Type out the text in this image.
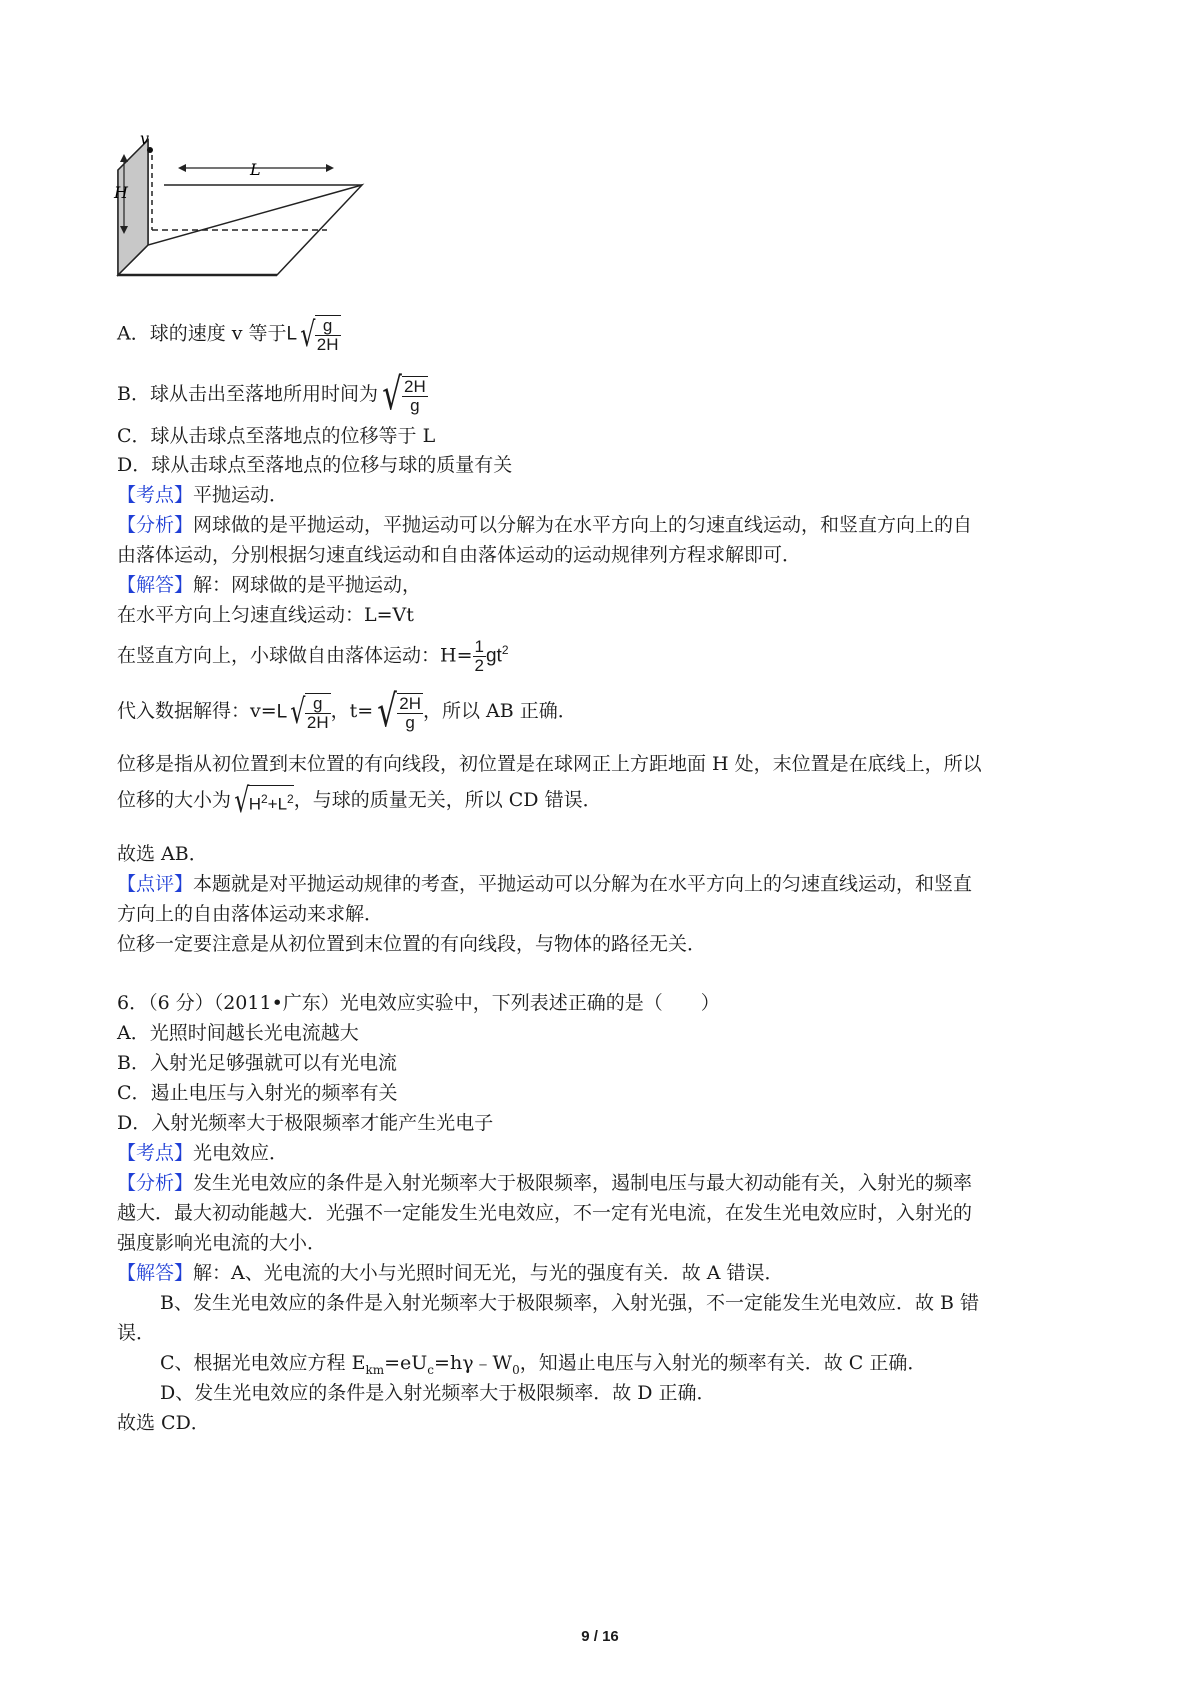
v
H
L
A．球的速度 v 等于$L√ \frac{g}{2H}$
B．球从击出至落地所用时间为√ $\frac{2H}{g}$
C．球从击球点至落地点的位移等于 L
D．球从击球点至落地点的位移与球的质量有关
【考点】平抛运动．
【分析】网球做的是平抛运动，平抛运动可以分解为在水平方向上的匀速直线运动，和竖直方向上的自
由落体运动，分别根据匀速直线运动和自由落体运动的运动规律列方程求解即可．
【解答】解：网球做的是平抛运动，
在水平方向上匀速直线运动：L=Vt
在竖直方向上，小球做自由落体运动：$H= \frac{1}{2} gt^2$
代入数据解得：$v=L√ \frac{g}{2H}$ ，$t=√ \frac{2H}{g}$ ，所以 AB 正确．
位移是指从初位置到末位置的有向线段，初位置是在球网正上方距地面 H 处，末位置是在底线上，所以
位移的大小为$√H^2+L^2$，与球的质量无关，所以 CD 错误．
故选 AB．
【点评】本题就是对平抛运动规律的考查，平抛运动可以分解为在水平方向上的匀速直线运动，和竖直
方向上的自由落体运动来求解．
位移一定要注意是从初位置到末位置的有向线段，与物体的路径无关．
6．（6 分）（2011•广东）光电效应实验中，下列表述正确的是（　　）
A．光照时间越长光电流越大
B．入射光足够强就可以有光电流
C．遏止电压与入射光的频率有关
D．入射光频率大于极限频率才能产生光电子
【考点】光电效应．
【分析】发生光电效应的条件是入射光频率大于极限频率，遏制电压与最大初动能有关，入射光的频率
越大．最大初动能越大．光强不一定能发生光电效应，不一定有光电流，在发生光电效应时，入射光的
强度影响光电流的大小．
【解答】解：A、光电流的大小与光照时间无光，与光的强度有关．故 A 错误．
B、发生光电效应的条件是入射光频率大于极限频率，入射光强，不一定能发生光电效应．故 B 错
误．
C、根据光电效应方程 $E_{km}=eU_c=h\gamma﹣W_0$，知遏止电压与入射光的频率有关．故 C 正确．
D、发生光电效应的条件是入射光频率大于极限频率．故 D 正确．
故选 CD．
9 / 16
